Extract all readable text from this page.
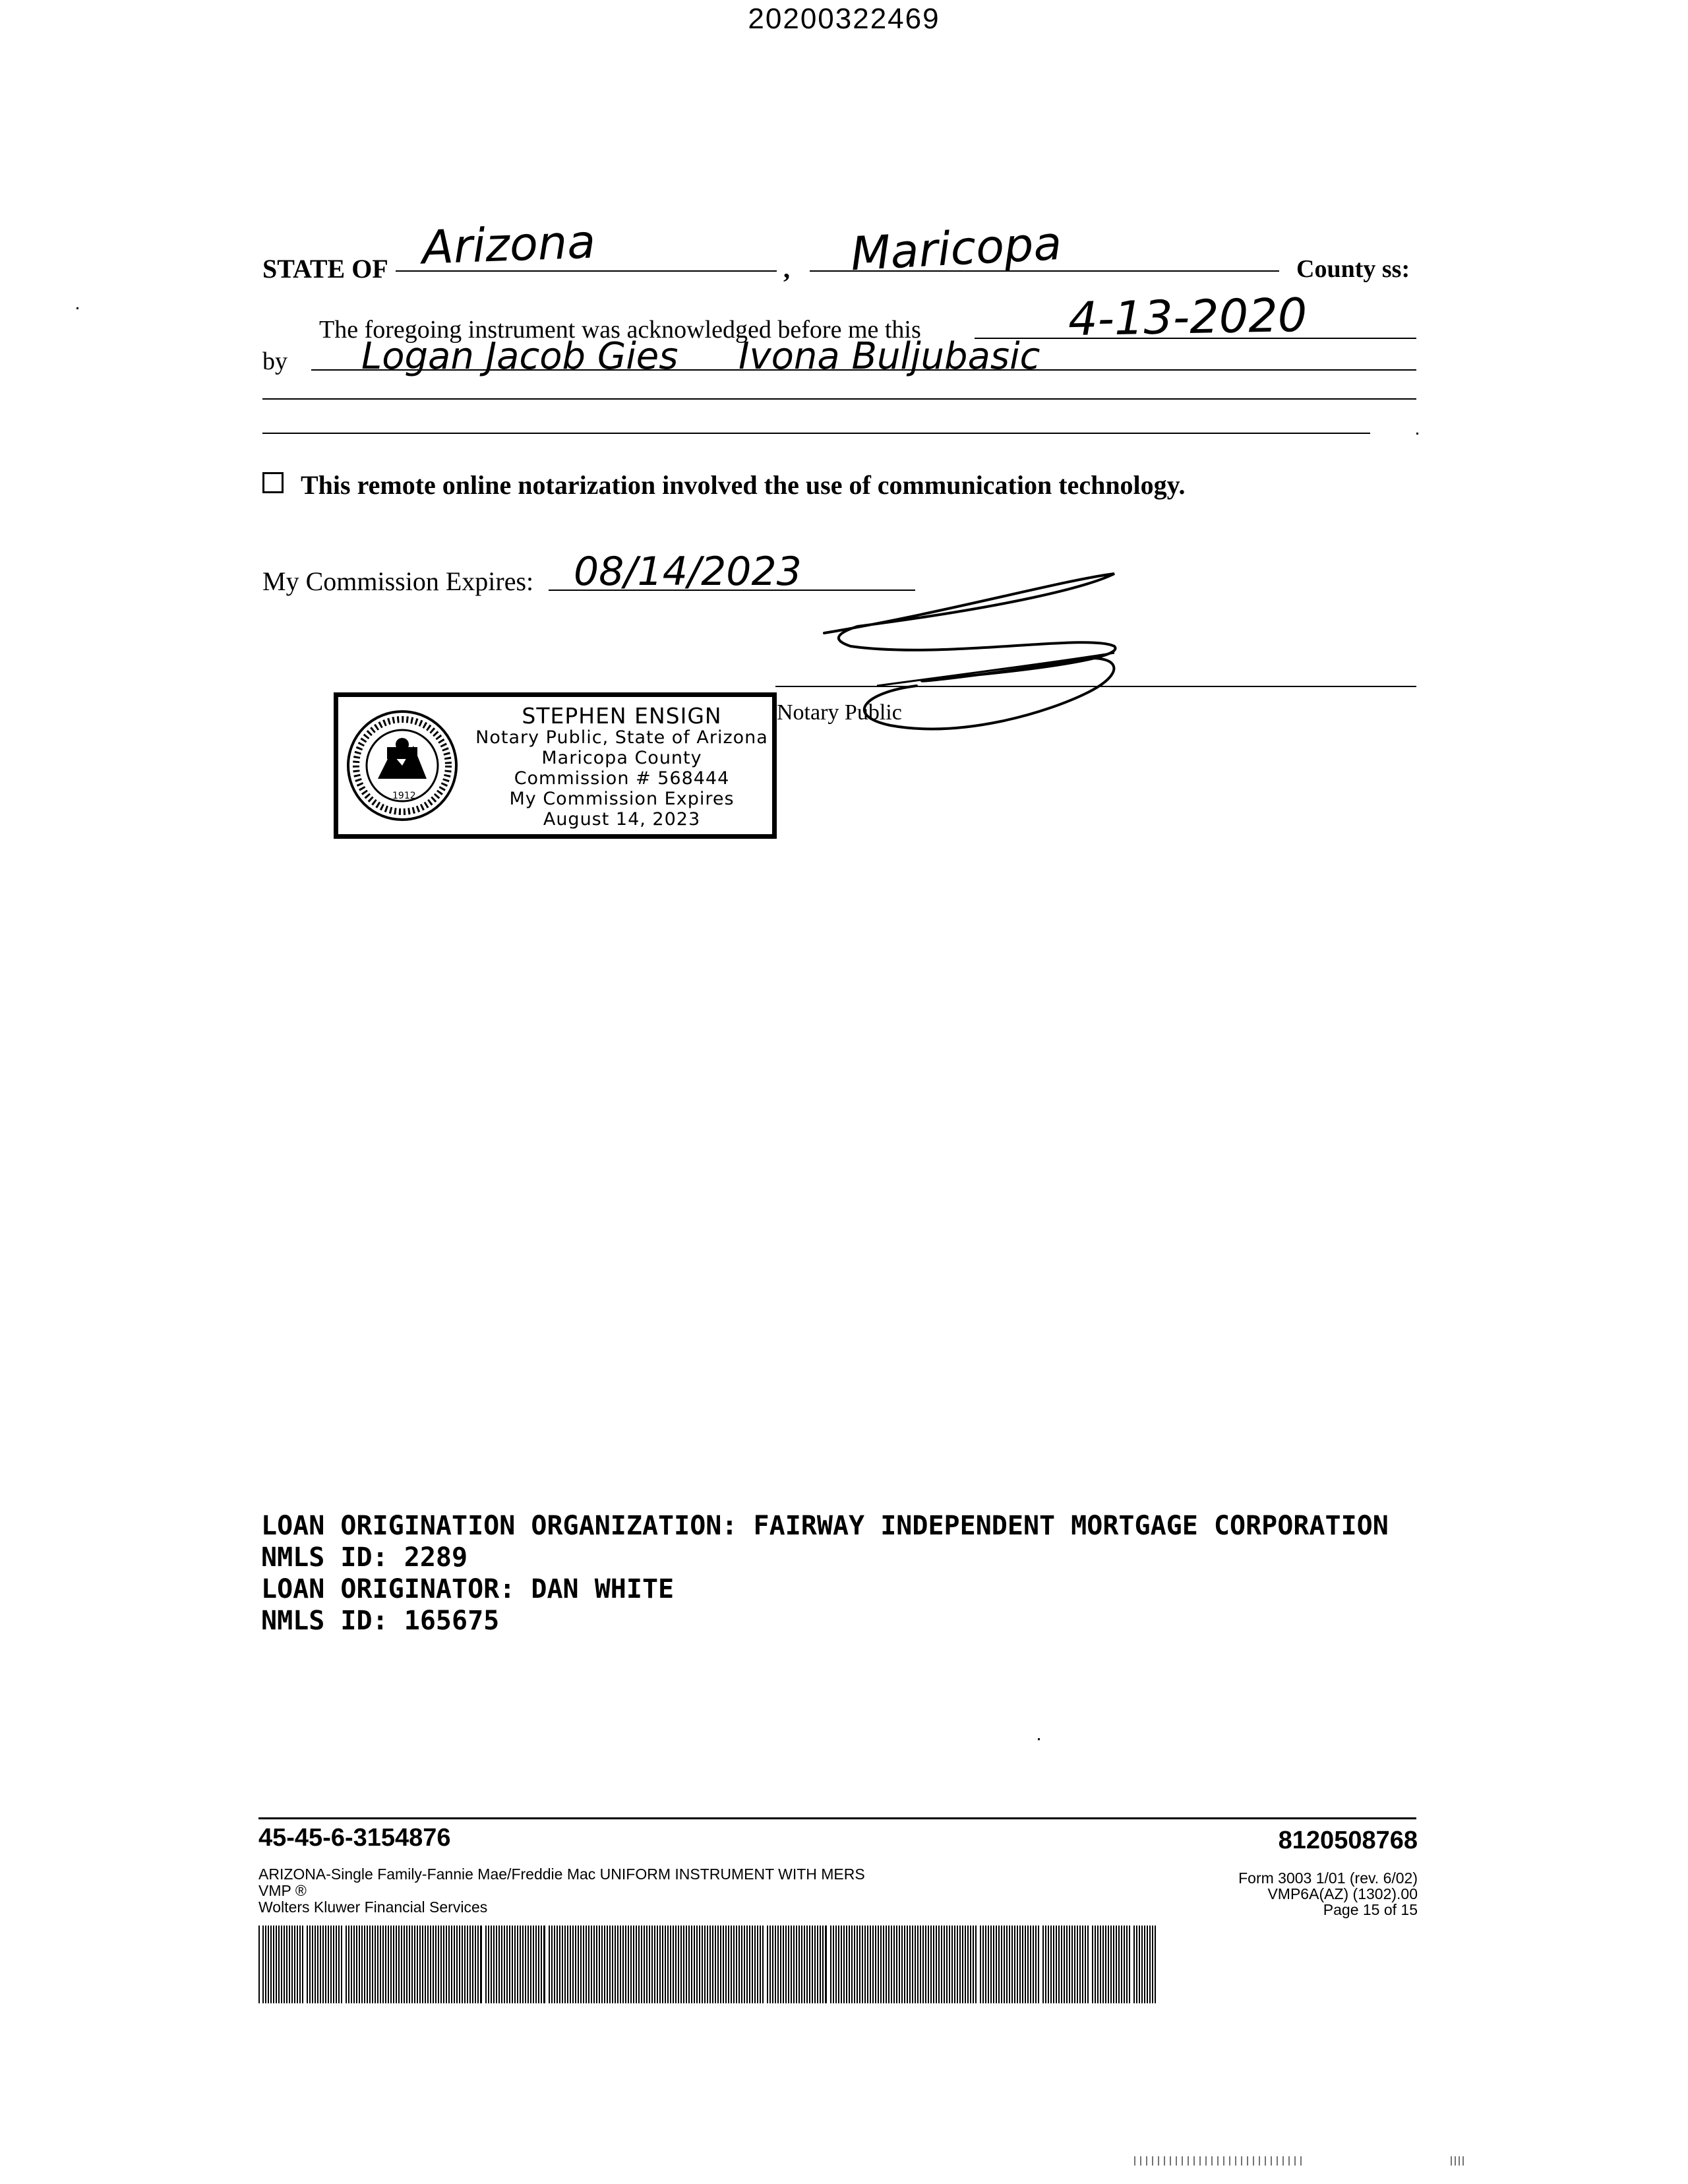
20200322469
STATE OF Arizona	, Maricopa	County ss:
The foregoing instrument was acknowledged before me this	4-13-2020
by Logan Jacob Gies Ivona Buljubasic
This remote online notarization involved the use of communication technology.
My Commission Expires: 08/14/2023
Notary Public
1912
STEPHEN ENSIGN
Notary Public, State of Arizona
Maricopa County
Commission # 568444
My Commission Expires
August 14, 2023
LOAN ORIGINATION ORGANIZATION: FAIRWAY INDEPENDENT MORTGAGE CORPORATION
NMLS ID: 2289
LOAN ORIGINATOR: DAN WHITE
NMLS ID: 165675
45-45-6-3154876	8120508768
ARIZONA-Single Family-Fannie Mae/Freddie Mac UNIFORM INSTRUMENT WITH MERS
VMP ®
Wolters Kluwer Financial Services
Form 3003 1/01 (rev. 6/02)
VMP6A(AZ) (1302).00
Page 15 of 15
